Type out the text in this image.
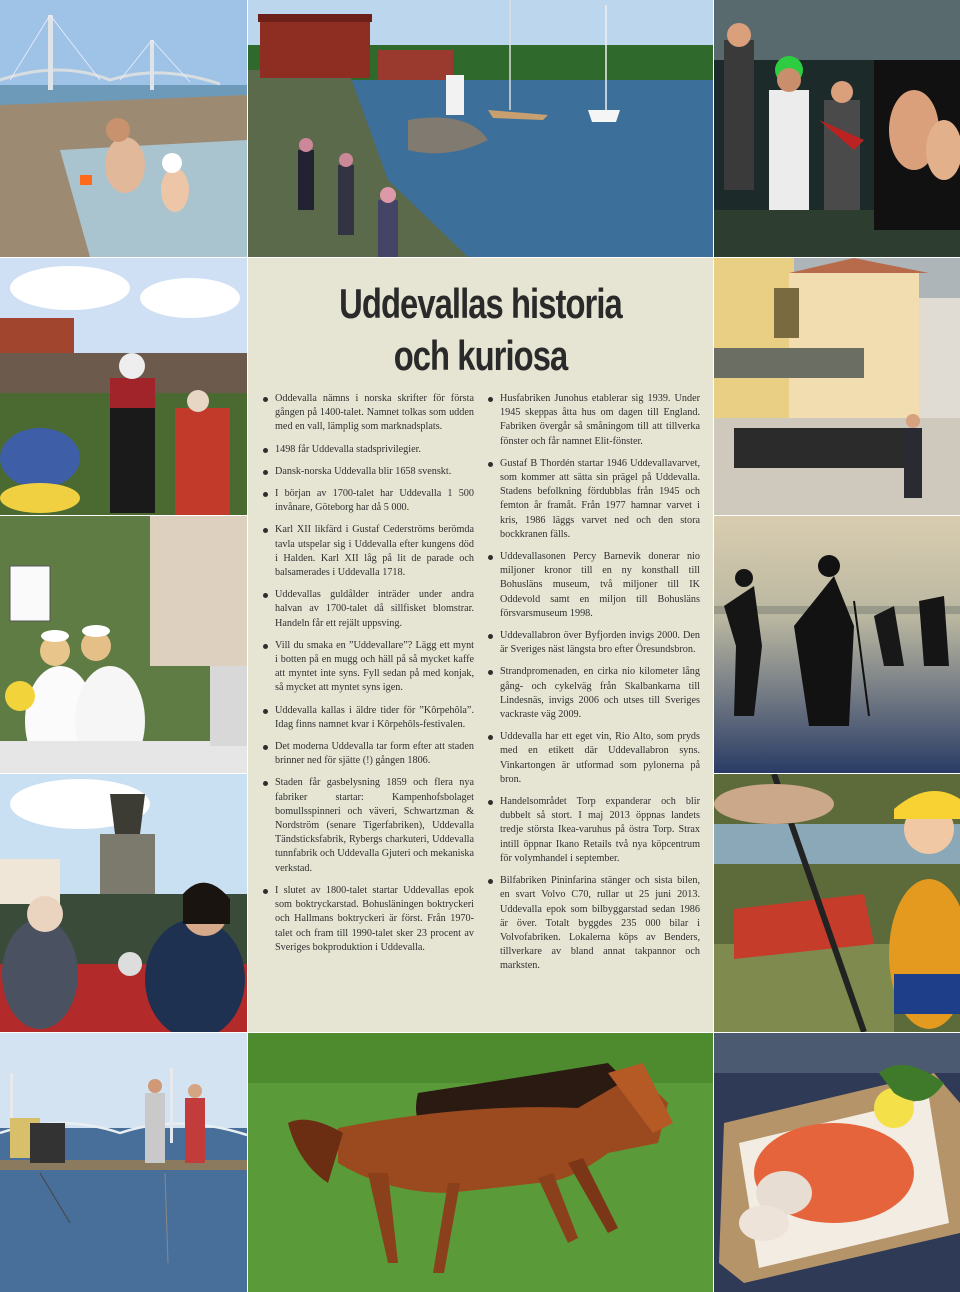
Uddevallas historia
och kuriosa
Oddevalla nämns i norska skrifter för första gången på 1400-talet. Namnet tolkas som udden med en vall, lämplig som marknadsplats.
1498 får Uddevalla stadsprivilegier.
Dansk-norska Uddevalla blir 1658 svenskt.
I början av 1700-talet har Uddevalla 1 500 invånare, Göteborg har då 5 000.
Karl XII likfärd i Gustaf Cederströms berömda tavla utspelar sig i Uddevalla efter kungens död i Halden. Karl XII låg på lit de parade och balsamerades i Uddevalla 1718.
Uddevallas guldålder inträder under andra halvan av 1700-talet då sillfisket blomstrar. Handeln får ett rejält uppsving.
Vill du smaka en ”Uddevallare”? Lägg ett mynt i botten på en mugg och häll på så mycket kaffe att myntet inte syns. Fyll sedan på med konjak, så mycket att myntet syns igen.
Uddevalla kallas i äldre tider för ”Kôrpehôla”. Idag finns namnet kvar i Kôrpehôls-festivalen.
Det moderna Uddevalla tar form efter att staden brinner ned för sjätte (!) gången 1806.
Staden får gasbelysning 1859 och flera nya fabriker startar: Kampenhofsbolaget bomullsspinneri och väveri, Schwartzman & Nordström (senare Tigerfabriken), Uddevalla Tändsticksfabrik, Rybergs charkuteri, Uddevalla tunnfabrik och Uddevalla Gjuteri och mekaniska verkstad.
I slutet av 1800-talet startar Uddevallas epok som boktryckarstad. Bohusläningen boktryckeri och Hallmans boktryckeri är först. Från 1970-talet och fram till 1990-talet sker 23 procent av Sveriges bokproduktion i Uddevalla.
Husfabriken Junohus etablerar sig 1939. Under 1945 skeppas åtta hus om dagen till England. Fabriken övergår så småningom till att tillverka fönster och får namnet Elit-fönster.
Gustaf B Thordén startar 1946 Uddevallavarvet, som kommer att sätta sin prägel på Uddevalla. Stadens befolkning fördubblas från 1945 och femton år framåt. Från 1977 hamnar varvet i kris, 1986 läggs varvet ned och den stora bockkranen fälls.
Uddevallasonen Percy Barnevik donerar nio miljoner kronor till en ny konsthall till Bohusläns museum, två miljoner till IK Oddevold samt en miljon till Bohusläns försvarsmuseum 1998.
Uddevallabron över Byfjorden invigs 2000. Den är Sveriges näst längsta bro efter Öresundsbron.
Strandpromenaden, en cirka nio kilometer lång gång- och cykelväg från Skalbankarna till Lindesnäs, invigs 2006 och utses till Sveriges vackraste väg 2009.
Uddevalla har ett eget vin, Rio Alto, som pryds med en etikett där Uddevallabron syns. Vinkartongen är utformad som pylonerna på bron.
Handelsområdet Torp expanderar och blir dubbelt så stort. I maj 2013 öppnas landets tredje största Ikea-varuhus på östra Torp. Strax intill öppnar Ikano Retails två nya köpcentrum för volymhandel i september.
Bilfabriken Pininfarina stänger och sista bilen, en svart Volvo C70, rullar ut 25 juni 2013. Uddevalla epok som bilbyggarstad sedan 1986 är över. Totalt byggdes 235 000 bilar i Volvofabriken. Lokalerna köps av Benders, tillverkare av bland annat takpannor och marksten.
